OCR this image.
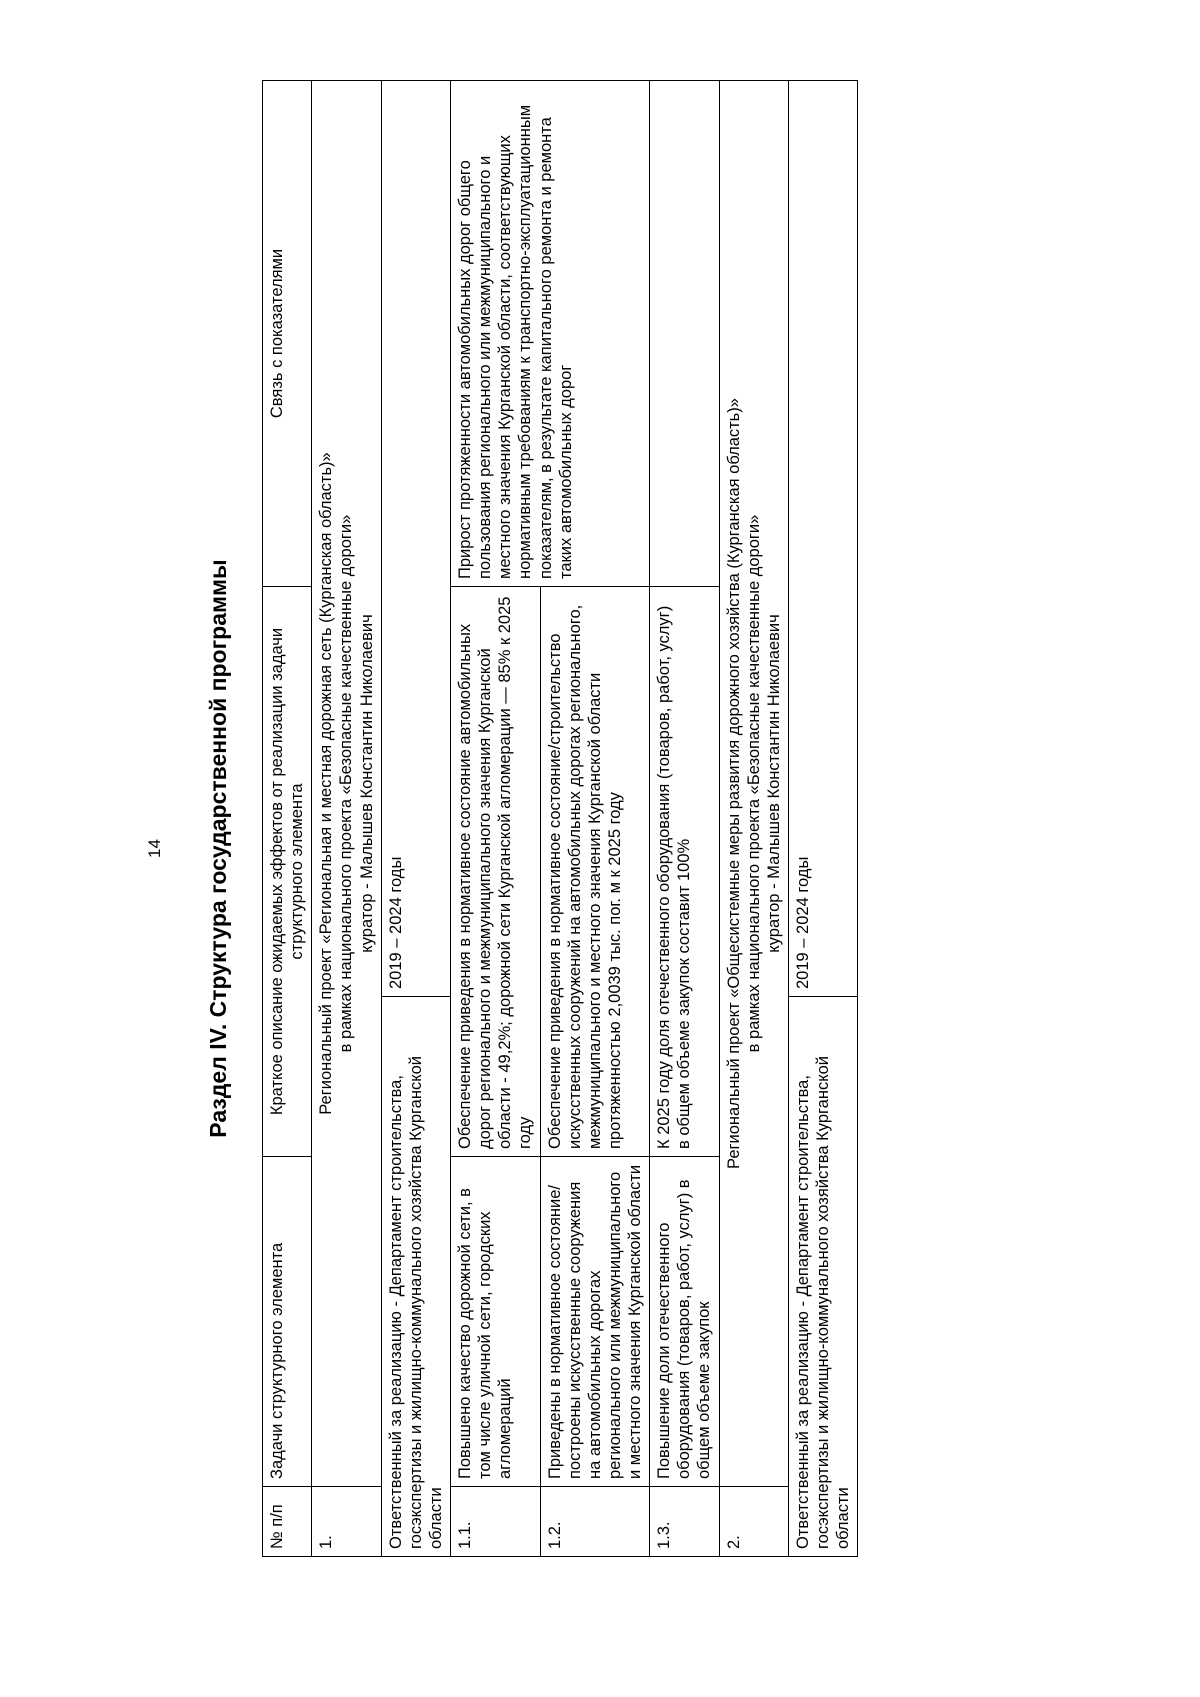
14 Раздел IV. Структура государственной программы
№ п/п	Задачи структурного элемента	Краткое описание ожидаемых эффектов от реализации задачи структурного элемента		Связь с показателями
1.	Региональный проект «Региональная и местная дорожная сеть (Курганская область)» в рамках национального проекта «Безопасные качественные дороги» куратор - Малышев Константин Николаевич			

Ответственный за реализацию - Департамент строительства, госэкспертизы и жилищно-коммунального хозяйства Курганской области			2019 – 2024 годы	
1.1.	Повышено качество дорожной сети, в том числе уличной сети, городских агломераций	Обеспечение приведения в нормативное состояние автомобильных дорог регионального и межмуниципального значения Курганской области - 49,2%; дорожной сети Курганской агломерации — 85% к 2025 году		Прирост протяженности автомобильных дорог общего пользования регионального или межмуниципального и местного значения Курганской области, соответствующих нормативным требованиям к транспортно-эксплуатационным показателям, в результате капитального ремонта и ремонта таких автомобильных дорог
1.2.	Приведены в нормативное состояние/построены искусственные сооружения на автомобильных дорогах регионального или межмуниципального и местного значения Курганской области	Обеспечение приведения в нормативное состояние/строительство искусственных сооружений на автомобильных дорогах регионального, межмуниципального и местного значения Курганской области протяженностью 2,0039 тыс. пог. м к 2025 году		
1.3.	Повышение доли отечественного оборудования (товаров, работ, услуг) в общем объеме закупок	К 2025 году доля отечественного оборудования (товаров, работ, услуг) в общем объеме закупок составит 100%		
2.	Региональный проект «Общесистемные меры развития дорожного хозяйства (Курганская область)» в рамках национального проекта «Безопасные качественные дороги» куратор - Малышев Константин Николаевич			

Ответственный за реализацию - Департамент строительства, госэкспертизы и жилищно-коммунального хозяйства Курганской области			2019 – 2024 годы	
